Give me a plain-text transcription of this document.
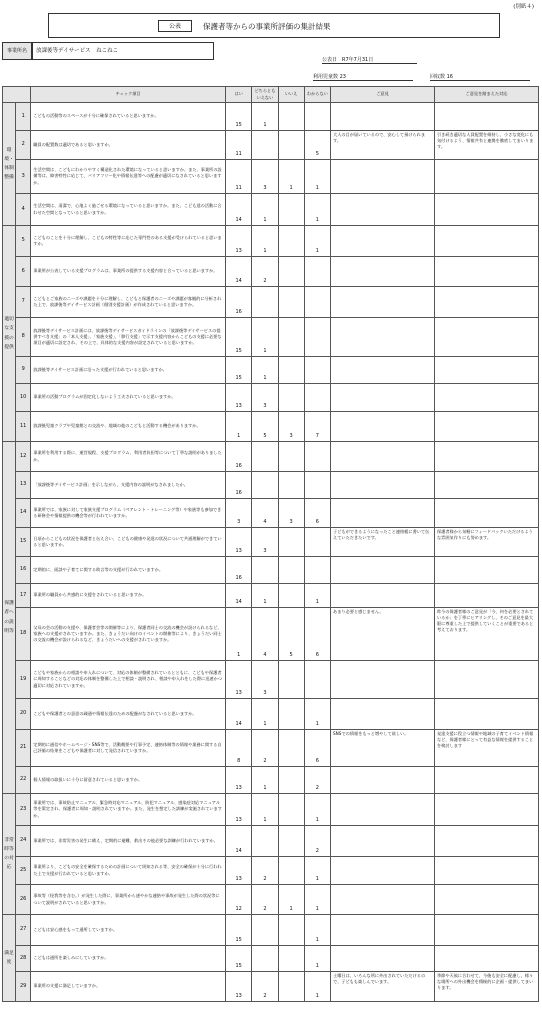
(別紙４)
公表	保護者等からの事業所評価の集計結果
事業所名	放課後等デイサービス　ねこねこ
公表日　R7年7月31日
利用児童数 23	回収数 16
		チェック項目	はい	どちらとも いえない	いいえ	わからない	ご意見	ご意見を踏まえた対応
環境・体制整備	1	こどもの活動等のスペースが十分に確保されていると思いますか。	15	1				
	2	職員の配置数は適切であると思いますか。	11			5	大人の目が届いているので、安心して預けられます。	引き続き適切な人員配置を維持し、小さな変化にも気付けるよう、情報共有と連携を徹底してまいります。
	3	生活空間は、こどもにわかりやすく構造化された環境になっていると思いますか。また、事業所の設備等は、障害特性に応じて、バリアフリー化や情報伝達等への配慮が適切になされていると思いますか。	11	3	1	1		
	4	生活空間は、清潔で、心地よく過ごせる環境になっていると思いますか。また、こども達の活動に合わせた空間となっていると思いますか。	14	1		1		
適切な支援の提供	5	こどものことを十分に理解し、こどもの特性等に応じた専門性のある支援が受けられていると思いますか。	13	1		1		
	6	事業所が公表している支援プログラムは、事業所の提供する支援内容と合っていると思いますか。	14	2				
	7	こどもとご家族のニーズや課題を十分に理解し、こどもと保護者のニーズや課題が客観的に分析された上で、放課後等デイサービス計画（個別支援計画）が作成されていると思いますか。	16					
	8	放課後等デイサービス計画には、放課後等デイサービスガイドラインの「放課後等デイサービスの提供すべき支援」の「本人支援」、「家族支援」、「移行支援」で示す支援内容からこどもの支援に必要な項目が適切に設定され、その上で、具体的な支援内容が設定されていると思いますか。	15	1				
	9	放課後等デイサービス計画に沿った支援が行われていると思いますか。	15	1				
	10	事業所の活動プログラムが固定化しないよう工夫されていると思いますか。	13	3				
	11	放課後児童クラブや児童館との交流や、地域の他のこどもと活動する機会がありますか。	1	5	3	7		
保護者への説明等	12	事業所を利用する際に、運営規程、支援プログラム、利用者負担等について丁寧な説明がありましたか。	16					
	13	「放課後等デイサービス計画」を示しながら、支援内容の説明がなされましたか。	16					
	14	事業所では、家族に対して家族支援プログラム（ペアレント・トレーニング等）や家族等も参加できる研修会や情報提供の機会等が行われていますか。	3	4	3	6		
	15	日頃からこどもの状況を保護者と伝え合い、こどもの健康や発達の状況について共通理解ができていると思いますか。	13	3			子どもができるようになったこと連絡帳に書いて伝えていただきたいです。	保護者様から気軽にフィードバックいただけるような雰囲気作りにも努めます。
	16	定期的に、面談や子育てに関する助言等の支援が行われていますか。	16					
	17	事業所の職員から共感的に支援をされていると思いますか。	14	1		1		
	18	父母の会の活動の支援や、保護者会等の開催等により、保護者同士の交流の機会が設けられるなど、家族への支援がされていますか。また、きょうだい向けのイベントの開催等により、きょうだい同士の交流の機会が設けられるなど、きょうだいへの支援がされていますか。	1	4	5	6	あまり必要と感じません。	昨今の保護者様のご意見が「今、何を必要とされているか」を丁寧にヒアリングし、そのご意見を最大限に尊重した上で提供していくことが重要であると考えております。
	19	こどもや家族からの相談や申入れについて、対応の体制が整備されているとともに、こどもや保護者に周知することなどの対応の体制を整備した上で相談・説明され、相談や申入れをした際に迅速かつ適切に対応されていますか。	13	3				
	20	こどもや保護者との意思の疎通や情報伝達のための配慮がなされていると思いますか。	14	1		1		
	21	定期的に通信やホームページ・SNS等で、活動概要や行事予定、連絡体制等の情報や業務に関する自己評価の結果をこどもや保護者に対して発信されていますか。	8	2		6	SNSでの情報をもっと増やして欲しい。	発達支援に役立つ情報や地域の子育てイベント情報など、保護者様にとって有益な情報を提供することを検討します
	22	個人情報の取扱いに十分に留意されていると思いますか。	13	1		2		
非常時等の対応	23	事業所では、事故防止マニュアル、緊急時対応マニュアル、防犯マニュアル、感染症対応マニュアル等を策定され、保護者に周知・説明されていますか。また、発生を想定した訓練が実施されていますか。	13	1		1		
	24	事業所では、非常災害の発生に備え、定期的に避難、救出その他必要な訓練が行われていますか。	14			2		
	25	事業所より、こどもの安全を確保するための計画について周知される等、安全の確保が十分に行われた上で支援が行われていると思いますか。	13	2		1		
	26	事故等（怪我等を含む。）が発生した際に、事業所から速やかな連絡や事故が発生した際の状況等について説明がされていると思いますか。	12	2	1	1		
満足度	27	こどもは安心感をもって通所していますか。	15			1		
	28	こどもは通所を楽しみにしていますか。	15			1		
	29	事業所の支援に満足していますか。	13	2		1	土曜日は、いろんな所に外出されていただけるので、子どもも楽しんでいます。	季節や天候に合わせて、今後も安全に配慮し、様々な場所への外出機会を積極的に企画・提供してまいります。
